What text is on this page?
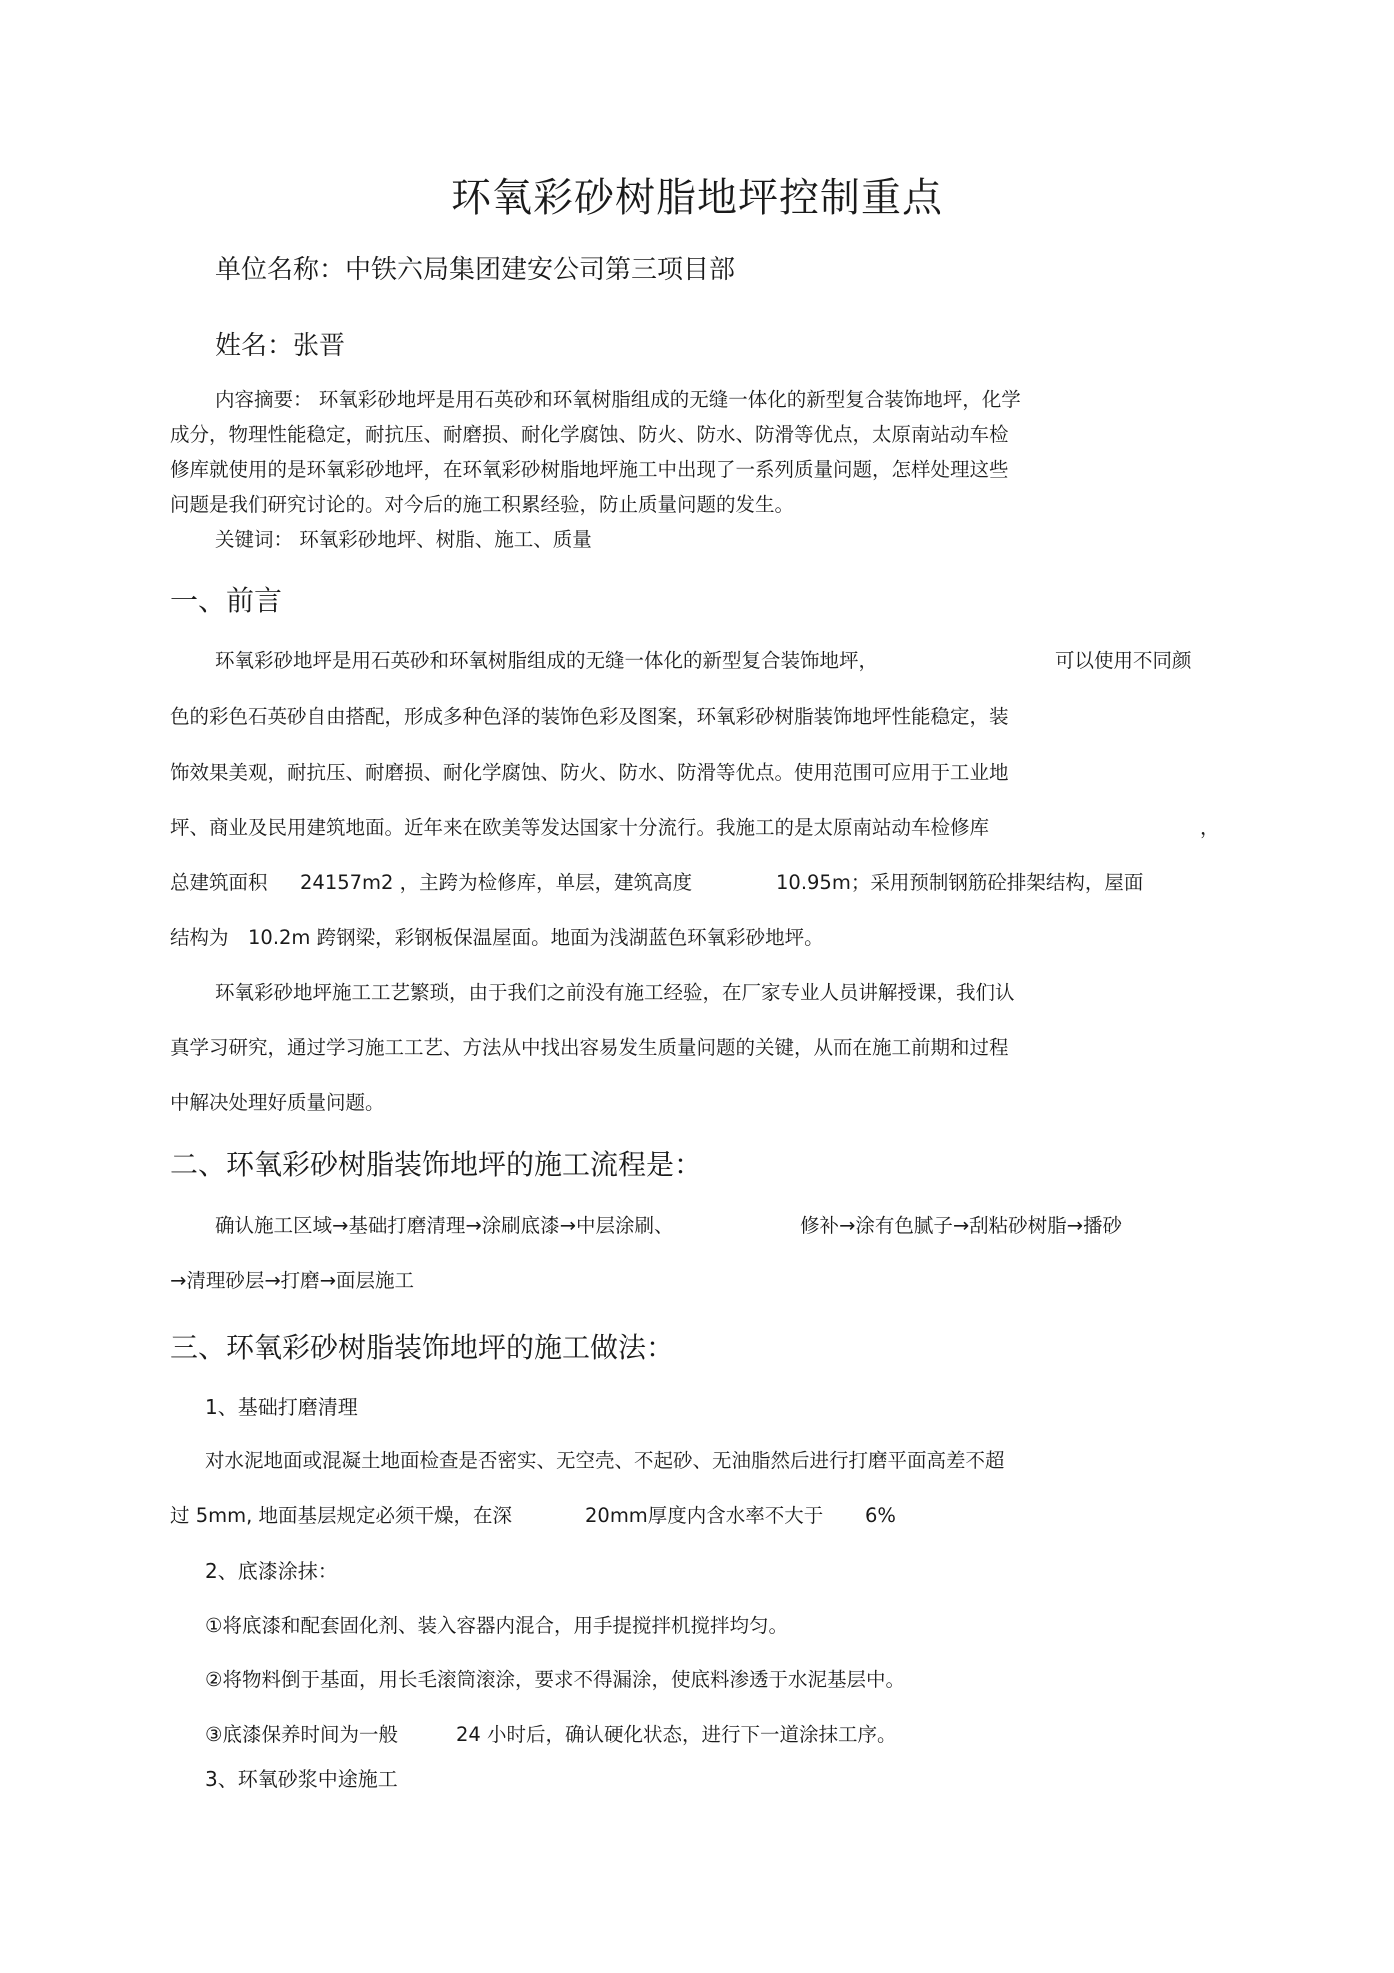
环氧彩砂树脂地坪控制重点
单位名称：中铁六局集团建安公司第三项目部
姓名：张晋
内容摘要： 环氧彩砂地坪是用石英砂和环氧树脂组成的无缝一体化的新型复合装饰地坪，化学
成分，物理性能稳定，耐抗压、耐磨损、耐化学腐蚀、防火、防水、防滑等优点，太原南站动车检
修库就使用的是环氧彩砂地坪，在环氧彩砂树脂地坪施工中出现了一系列质量问题，怎样处理这些
问题是我们研究讨论的。对今后的施工积累经验，防止质量问题的发生。
关键词： 环氧彩砂地坪、树脂、施工、质量
一、前言
环氧彩砂地坪是用石英砂和环氧树脂组成的无缝一体化的新型复合装饰地坪，	可以使用不同颜
色的彩色石英砂自由搭配，形成多种色泽的装饰色彩及图案，环氧彩砂树脂装饰地坪性能稳定，装
饰效果美观，耐抗压、耐磨损、耐化学腐蚀、防火、防水、防滑等优点。使用范围可应用于工业地
坪、商业及民用建筑地面。近年来在欧美等发达国家十分流行。我施工的是太原南站动车检修库	，
总建筑面积 24157m2 ，主跨为检修库，单层，建筑高度	10.95m；采用预制钢筋砼排架结构，屋面
结构为 10.2m 跨钢梁，彩钢板保温屋面。地面为浅湖蓝色环氧彩砂地坪。
环氧彩砂地坪施工工艺繁琐，由于我们之前没有施工经验，在厂家专业人员讲解授课，我们认
真学习研究，通过学习施工工艺、方法从中找出容易发生质量问题的关键，从而在施工前期和过程
中解决处理好质量问题。
二、环氧彩砂树脂装饰地坪的施工流程是：
确认施工区域→基础打磨清理→涂刷底漆→中层涂刷、	修补→涂有色腻子→刮粘砂树脂→播砂
→清理砂层→打磨→面层施工
三、环氧彩砂树脂装饰地坪的施工做法：
1、基础打磨清理
对水泥地面或混凝土地面检查是否密实、无空壳、不起砂、无油脂然后进行打磨平面高差不超
过 5mm, 地面基层规定必须干燥，在深	20mm厚度内含水率不大于 6%
2、底漆涂抹：
①将底漆和配套固化剂、装入容器内混合，用手提搅拌机搅拌均匀。
②将物料倒于基面，用长毛滚筒滚涂，要求不得漏涂，使底料渗透于水泥基层中。
③底漆保养时间为一般	24 小时后，确认硬化状态，进行下一道涂抹工序。
3、环氧砂浆中途施工
